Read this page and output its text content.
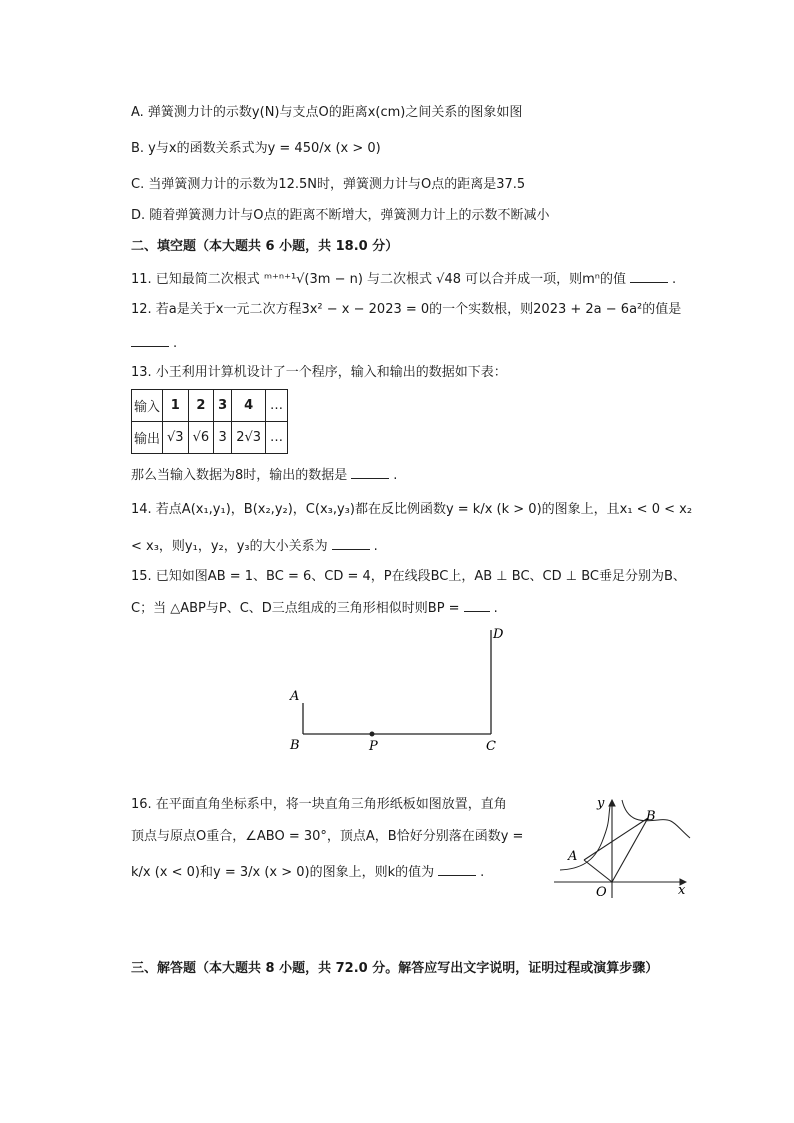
A. 弹簧测力计的示数y(N)与支点O的距离x(cm)之间关系的图象如图
B. y与x的函数关系式为y = 450/x (x > 0)
C. 当弹簧测力计的示数为12.5N时，弹簧测力计与O点的距离是37.5
D. 随着弹簧测力计与O点的距离不断增大，弹簧测力计上的示数不断减小
二、填空题（本大题共 6 小题，共 18.0 分）
11. 已知最简二次根式 ᵐ⁺ⁿ⁺¹√(3m − n) 与二次根式 √48 可以合并成一项，则mⁿ的值	.
12. 若a是关于x一元二次方程3x² − x − 2023 = 0的一个实数根，则2023 + 2a − 6a²的值是
.
13. 小王利用计算机设计了一个程序，输入和输出的数据如下表：
输入	1	2	3	4	…
输出	√3	√6	3	2√3	…
那么当输入数据为8时，输出的数据是	.
14. 若点A(x₁,y₁)，B(x₂,y₂)，C(x₃,y₃)都在反比例函数y = k/x (k > 0)的图象上，且x₁ < 0 < x₂
< x₃，则y₁，y₂，y₃的大小关系为	.
15. 已知如图AB = 1、BC = 6、CD = 4，P在线段BC上，AB ⊥ BC、CD ⊥ BC垂足分别为B、
C；当 △ABP与P、C、D三点组成的三角形相似时则BP =	.
A
B	P	C
D
16. 在平面直角坐标系中，将一块直角三角形纸板如图放置，直角
顶点与原点O重合，∠ABO = 30°，顶点A，B恰好分别落在函数y =
k/x (x < 0)和y = 3/x (x > 0)的图象上，则k的值为	.
y
x
O
A
B
三、解答题（本大题共 8 小题，共 72.0 分。解答应写出文字说明，证明过程或演算步骤）
